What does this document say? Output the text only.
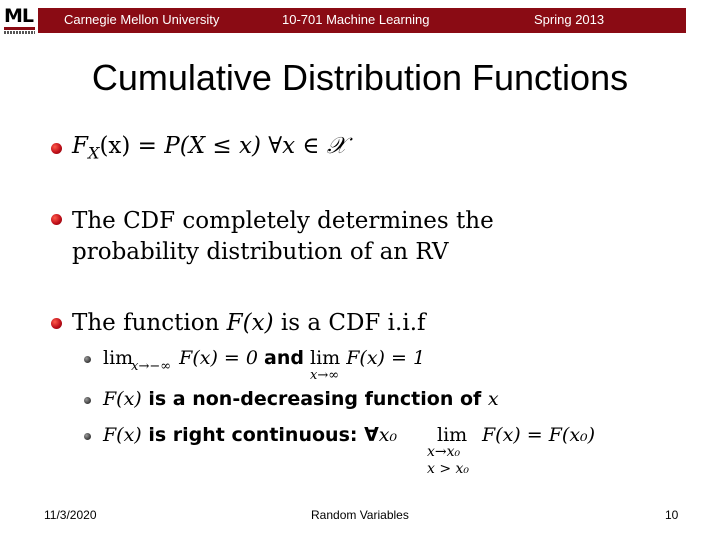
ML Carnegie Mellon University	10-701 Machine Learning	Spring 2013
Cumulative Distribution Functions
$F_X(x) = P(X \le x)$ ∀x ∈ 𝒳
The CDF completely determines the
probability distribution of an RV
The function F(x) is a CDF i.i.f
$\lim_{x\to-\infty} F(x) = 0$ and lim
x→∞
F(x) = 1
F(x) is a non-decreasing function of x
F(x) is right continuous: ∀x₀ lim
x→x₀
x > x₀
F(x) = F(x₀)
11/3/2020	Random Variables	10
